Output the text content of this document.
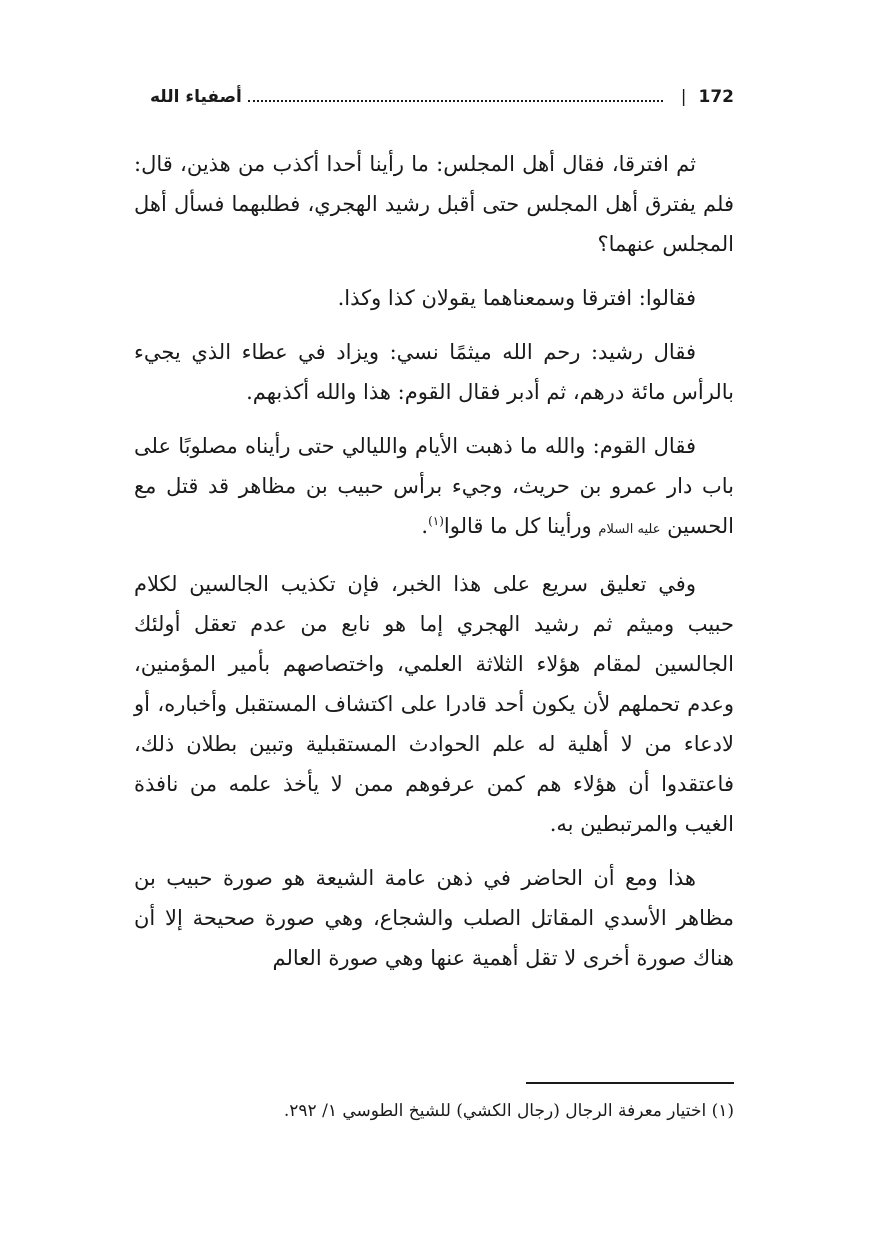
172
|
أصفياء الله

ثم افترقا، فقال أهل المجلس: ما رأينا أحدا أكذب من هذين، قال: فلم يفترق أهل المجلس حتى أقبل رشيد الهجري، فطلبهما فسأل أهل المجلس عنهما؟

فقالوا: افترقا وسمعناهما يقولان كذا وكذا.

فقال رشيد: رحم الله ميثمًا نسي: ويزاد في عطاء الذي يجيء بالرأس مائة درهم، ثم أدبر فقال القوم: هذا والله أكذبهم.

فقال القوم: والله ما ذهبت الأيام والليالي حتى رأيناه مصلوبًا على باب دار عمرو بن حريث، وجيء برأس حبيب بن مظاهر قد قتل مع الحسين عليه السلام ورأينا كل ما قالوا$^{(١)}$.

وفي تعليق سريع على هذا الخبر، فإن تكذيب الجالسين لكلام حبيب وميثم ثم رشيد الهجري إما هو نابع من عدم تعقل أولئك الجالسين لمقام هؤلاء الثلاثة العلمي، واختصاصهم بأمير المؤمنين، وعدم تحملهم لأن يكون أحد قادرا على اكتشاف المستقبل وأخباره، أو لادعاء من لا أهلية له علم الحوادث المستقبلية وتبين بطلان ذلك، فاعتقدوا أن هؤلاء هم كمن عرفوهم ممن لا يأخذ علمه من نافذة الغيب والمرتبطين به.

هذا ومع أن الحاضر في ذهن عامة الشيعة هو صورة حبيب بن مظاهر الأسدي المقاتل الصلب والشجاع، وهي صورة صحيحة إلا أن هناك صورة أخرى لا تقل أهمية عنها وهي صورة العالم

(١) اختيار معرفة الرجال (رجال الكشي) للشيخ الطوسي ١/ ٢٩٢.
